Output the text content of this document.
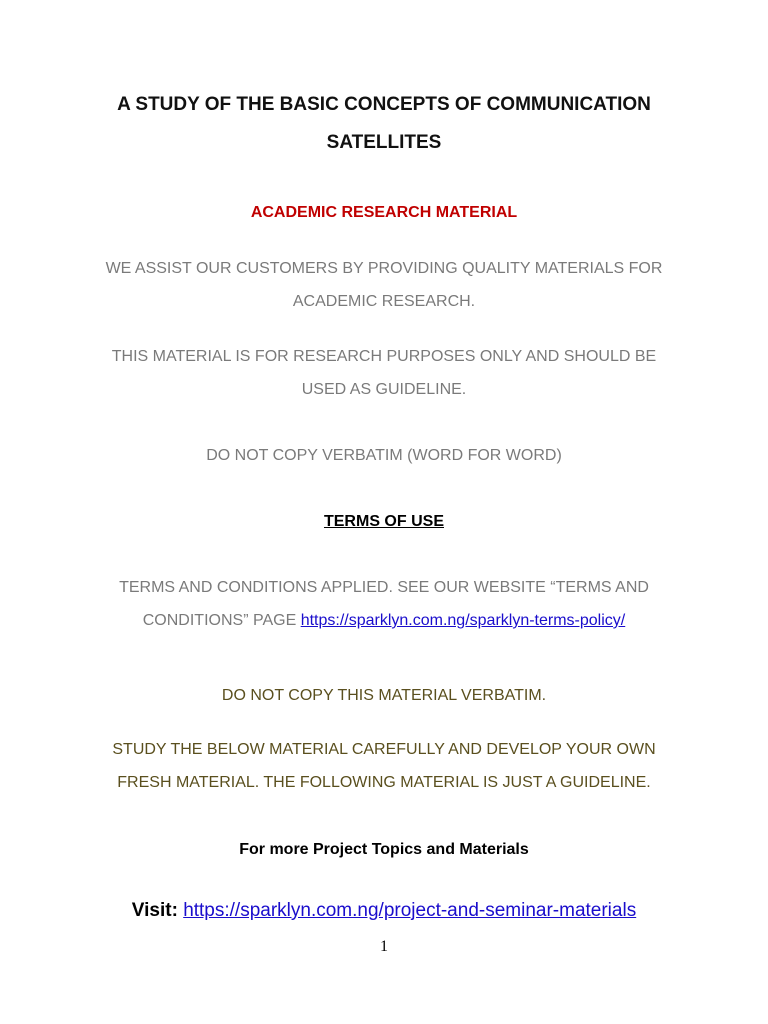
A STUDY OF THE BASIC CONCEPTS OF COMMUNICATION
SATELLITES
ACADEMIC RESEARCH MATERIAL
WE ASSIST OUR CUSTOMERS BY PROVIDING QUALITY MATERIALS FOR
ACADEMIC RESEARCH.
THIS MATERIAL IS FOR RESEARCH PURPOSES ONLY AND SHOULD BE
USED AS GUIDELINE.
DO NOT COPY VERBATIM (WORD FOR WORD)
TERMS OF USE
TERMS AND CONDITIONS APPLIED. SEE OUR WEBSITE “TERMS AND
CONDITIONS” PAGE https://sparklyn.com.ng/sparklyn-terms-policy/
DO NOT COPY THIS MATERIAL VERBATIM.
STUDY THE BELOW MATERIAL CAREFULLY AND DEVELOP YOUR OWN
FRESH MATERIAL. THE FOLLOWING MATERIAL IS JUST A GUIDELINE.
For more Project Topics and Materials
Visit: https://sparklyn.com.ng/project-and-seminar-materials
1
